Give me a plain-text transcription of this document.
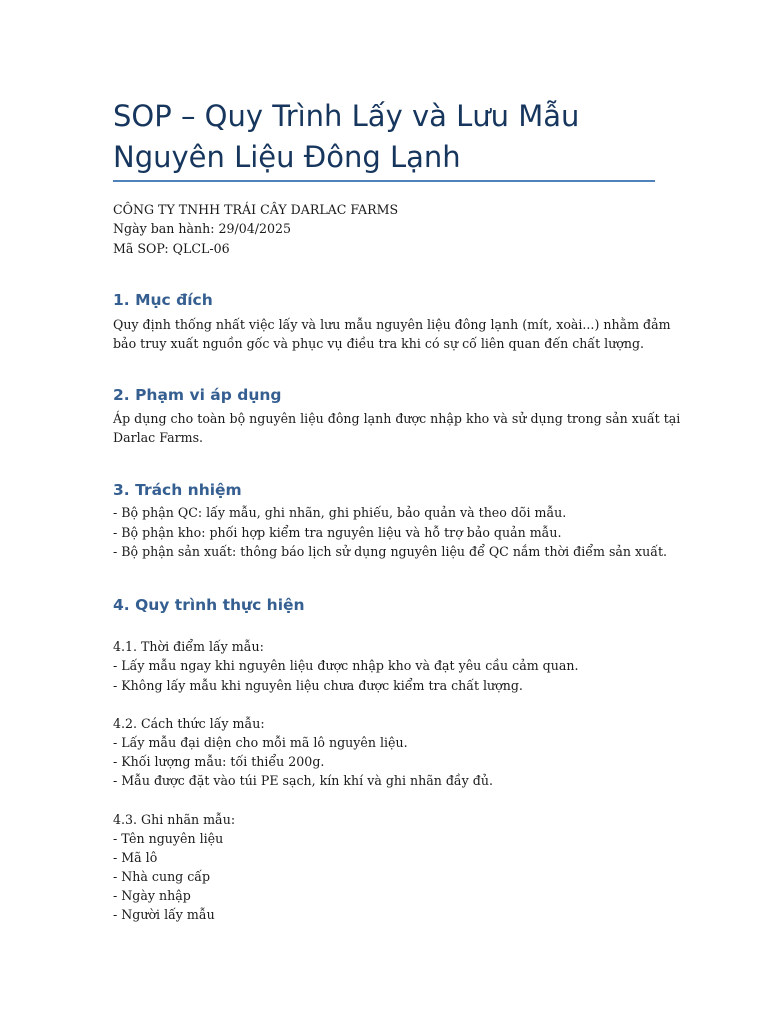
SOP – Quy Trình Lấy và Lưu Mẫu
Nguyên Liệu Đông Lạnh
CÔNG TY TNHH TRÁI CÂY DARLAC FARMS
Ngày ban hành: 29/04/2025
Mã SOP: QLCL-06
1. Mục đích
Quy định thống nhất việc lấy và lưu mẫu nguyên liệu đông lạnh (mít, xoài...) nhằm đảm
bảo truy xuất nguồn gốc và phục vụ điều tra khi có sự cố liên quan đến chất lượng.
2. Phạm vi áp dụng
Áp dụng cho toàn bộ nguyên liệu đông lạnh được nhập kho và sử dụng trong sản xuất tại
Darlac Farms.
3. Trách nhiệm
- Bộ phận QC: lấy mẫu, ghi nhãn, ghi phiếu, bảo quản và theo dõi mẫu.
- Bộ phận kho: phối hợp kiểm tra nguyên liệu và hỗ trợ bảo quản mẫu.
- Bộ phận sản xuất: thông báo lịch sử dụng nguyên liệu để QC nắm thời điểm sản xuất.
4. Quy trình thực hiện
4.1. Thời điểm lấy mẫu:
- Lấy mẫu ngay khi nguyên liệu được nhập kho và đạt yêu cầu cảm quan.
- Không lấy mẫu khi nguyên liệu chưa được kiểm tra chất lượng.
4.2. Cách thức lấy mẫu:
- Lấy mẫu đại diện cho mỗi mã lô nguyên liệu.
- Khối lượng mẫu: tối thiểu 200g.
- Mẫu được đặt vào túi PE sạch, kín khí và ghi nhãn đầy đủ.
4.3. Ghi nhãn mẫu:
- Tên nguyên liệu
- Mã lô
- Nhà cung cấp
- Ngày nhập
- Người lấy mẫu
